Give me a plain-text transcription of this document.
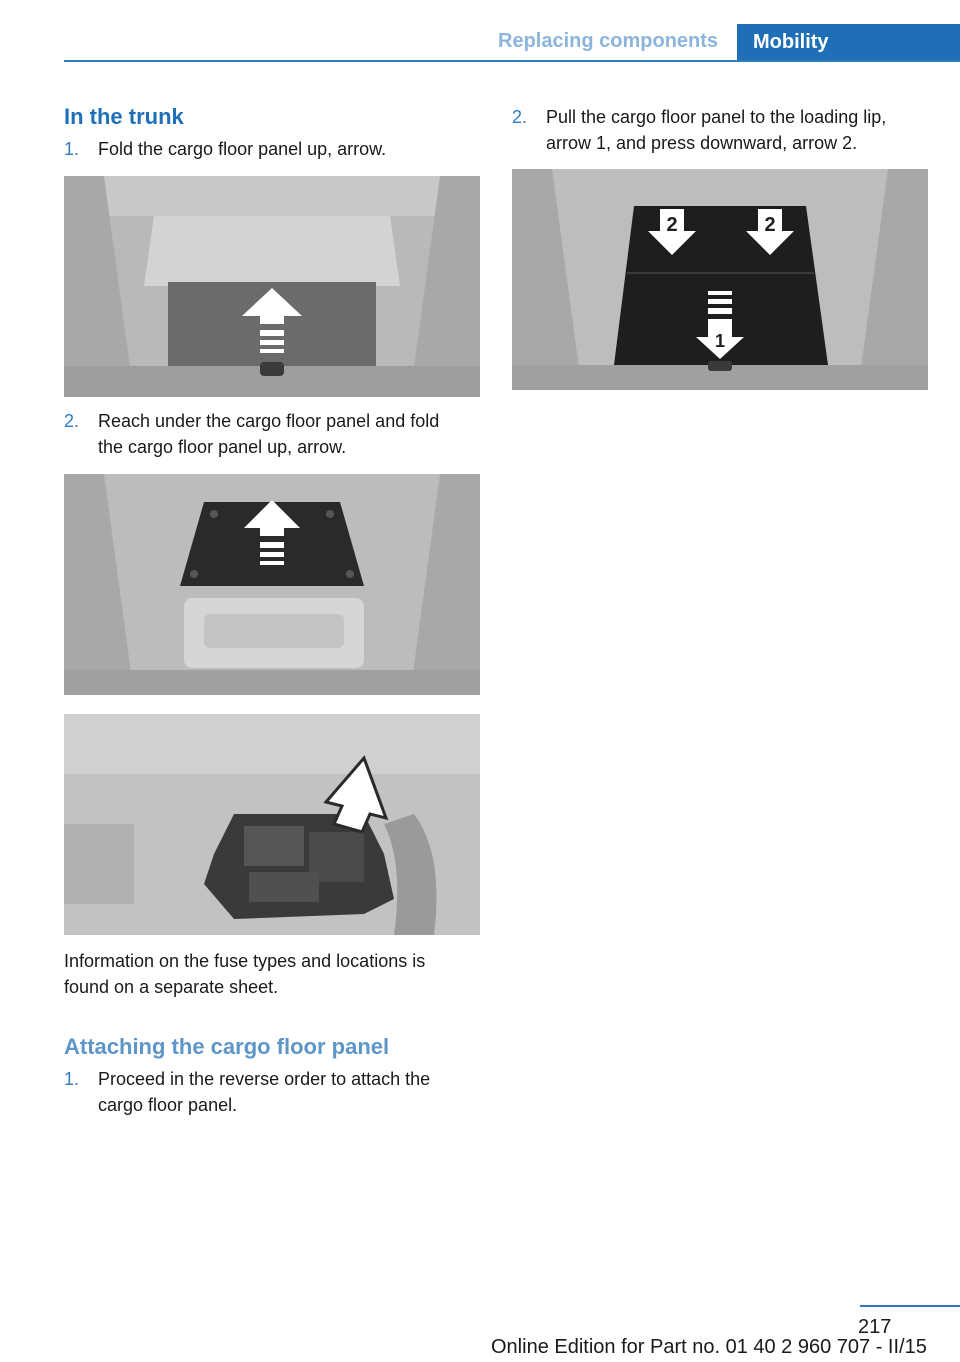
Replacing components Mobility
In the trunk
1. Fold the cargo floor panel up, arrow.
2. Reach under the cargo floor panel and fold
the cargo floor panel up, arrow.
Information on the fuse types and locations is
found on a separate sheet.
Attaching the cargo floor panel
1. Proceed in the reverse order to attach the
cargo floor panel.
2. Pull the cargo floor panel to the loading lip,
arrow 1, and press downward, arrow 2.
2	2
1
217
Online Edition for Part no. 01 40 2 960 707 - II/15
